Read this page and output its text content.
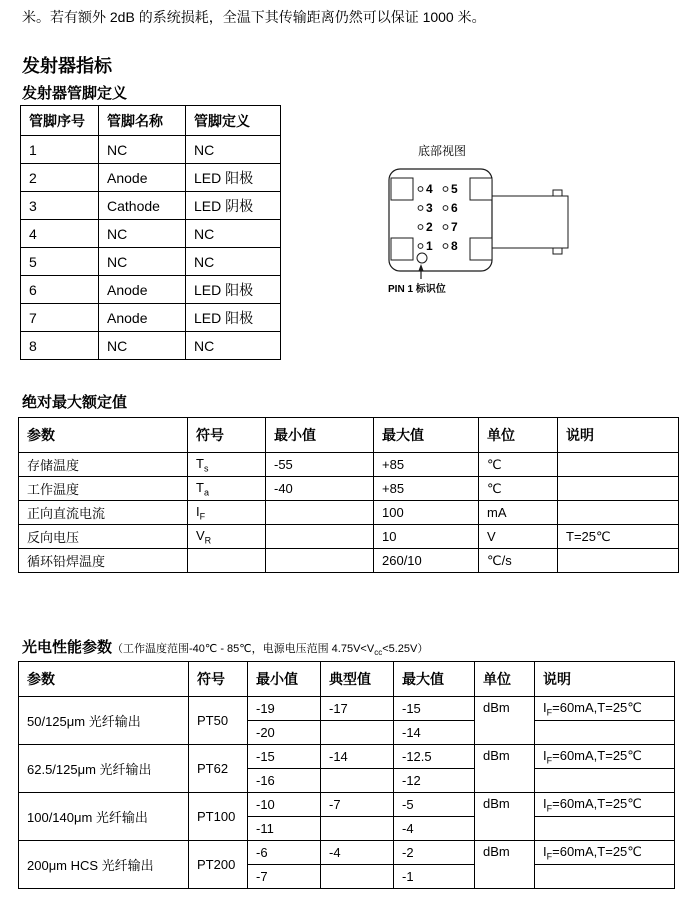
米。若有额外 2dB 的系统损耗，全温下其传输距离仍然可以保证 1000 米。
发射器指标
发射器管脚定义
管脚序号	管脚名称	管脚定义
1	NC	NC
2	Anode	LED 阳极
3	Cathode	LED 阴极
4	NC	NC
5	NC	NC
6	Anode	LED 阳极
7	Anode	LED 阳极
8	NC	NC
底部视图
4
3
2
1
5
6
7
8
PIN 1 标识位
绝对最大额定值
参数	符号	最小值	最大值	单位	说明
存储温度	$T_s$	-55	+85	℃	
工作温度	$T_a$	-40	+85	℃	
正向直流电流	$I_F$		100	mA	
反向电压	$V_R$		10	V	T=25℃
循环铅焊温度			260/10	℃/s	
光电性能参数（工作温度范围-40℃ - 85℃，电源电压范围 $4.75V<V_{cc}<5.25V$）
参数	符号	最小值	典型值	最大值	单位	说明
50/125μm 光纤输出	PT50	-19	-17	-15	dBm	$I_F=60mA,T=25℃$
		-20		-14		
62.5/125μm 光纤输出	PT62	-15	-14	-12.5	dBm	$I_F=60mA,T=25℃$
		-16		-12		
100/140μm 光纤输出	PT100	-10	-7	-5	dBm	$I_F=60mA,T=25℃$
		-11		-4		
200μm HCS 光纤输出	PT200	-6	-4	-2	dBm	$I_F=60mA,T=25℃$
		-7		-1		
